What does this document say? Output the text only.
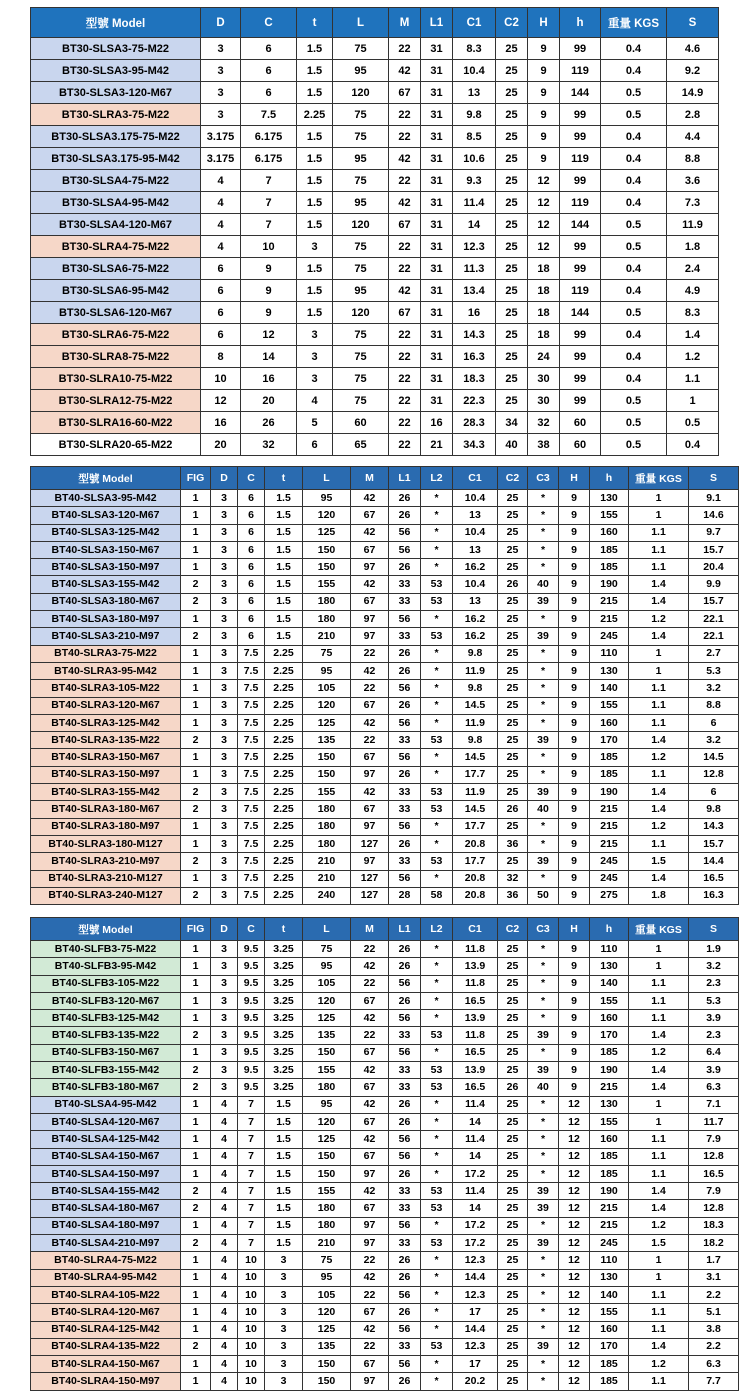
型號 Model	D	C	t	L	M	L1	C1	C2	H	h	重量 KGS	S
BT30-SLSA3-75-M22	3	6	1.5	75	22	31	8.3	25	9	99	0.4	4.6
BT30-SLSA3-95-M42	3	6	1.5	95	42	31	10.4	25	9	119	0.4	9.2
BT30-SLSA3-120-M67	3	6	1.5	120	67	31	13	25	9	144	0.5	14.9
BT30-SLRA3-75-M22	3	7.5	2.25	75	22	31	9.8	25	9	99	0.5	2.8
BT30-SLSA3.175-75-M22	3.175	6.175	1.5	75	22	31	8.5	25	9	99	0.4	4.4
BT30-SLSA3.175-95-M42	3.175	6.175	1.5	95	42	31	10.6	25	9	119	0.4	8.8
BT30-SLSA4-75-M22	4	7	1.5	75	22	31	9.3	25	12	99	0.4	3.6
BT30-SLSA4-95-M42	4	7	1.5	95	42	31	11.4	25	12	119	0.4	7.3
BT30-SLSA4-120-M67	4	7	1.5	120	67	31	14	25	12	144	0.5	11.9
BT30-SLRA4-75-M22	4	10	3	75	22	31	12.3	25	12	99	0.5	1.8
BT30-SLSA6-75-M22	6	9	1.5	75	22	31	11.3	25	18	99	0.4	2.4
BT30-SLSA6-95-M42	6	9	1.5	95	42	31	13.4	25	18	119	0.4	4.9
BT30-SLSA6-120-M67	6	9	1.5	120	67	31	16	25	18	144	0.5	8.3
BT30-SLRA6-75-M22	6	12	3	75	22	31	14.3	25	18	99	0.4	1.4
BT30-SLRA8-75-M22	8	14	3	75	22	31	16.3	25	24	99	0.4	1.2
BT30-SLRA10-75-M22	10	16	3	75	22	31	18.3	25	30	99	0.4	1.1
BT30-SLRA12-75-M22	12	20	4	75	22	31	22.3	25	30	99	0.5	1
BT30-SLRA16-60-M22	16	26	5	60	22	16	28.3	34	32	60	0.5	0.5
BT30-SLRA20-65-M22	20	32	6	65	22	21	34.3	40	38	60	0.5	0.4
型號 Model	FIG	D	C	t	L	M	L1	L2	C1	C2	C3	H	h	重量 KGS	S
BT40-SLSA3-95-M42	1	3	6	1.5	95	42	26	*	10.4	25	*	9	130	1	9.1
BT40-SLSA3-120-M67	1	3	6	1.5	120	67	26	*	13	25	*	9	155	1	14.6
BT40-SLSA3-125-M42	1	3	6	1.5	125	42	56	*	10.4	25	*	9	160	1.1	9.7
BT40-SLSA3-150-M67	1	3	6	1.5	150	67	56	*	13	25	*	9	185	1.1	15.7
BT40-SLSA3-150-M97	1	3	6	1.5	150	97	26	*	16.2	25	*	9	185	1.1	20.4
BT40-SLSA3-155-M42	2	3	6	1.5	155	42	33	53	10.4	26	40	9	190	1.4	9.9
BT40-SLSA3-180-M67	2	3	6	1.5	180	67	33	53	13	25	39	9	215	1.4	15.7
BT40-SLSA3-180-M97	1	3	6	1.5	180	97	56	*	16.2	25	*	9	215	1.2	22.1
BT40-SLSA3-210-M97	2	3	6	1.5	210	97	33	53	16.2	25	39	9	245	1.4	22.1
BT40-SLRA3-75-M22	1	3	7.5	2.25	75	22	26	*	9.8	25	*	9	110	1	2.7
BT40-SLRA3-95-M42	1	3	7.5	2.25	95	42	26	*	11.9	25	*	9	130	1	5.3
BT40-SLRA3-105-M22	1	3	7.5	2.25	105	22	56	*	9.8	25	*	9	140	1.1	3.2
BT40-SLRA3-120-M67	1	3	7.5	2.25	120	67	26	*	14.5	25	*	9	155	1.1	8.8
BT40-SLRA3-125-M42	1	3	7.5	2.25	125	42	56	*	11.9	25	*	9	160	1.1	6
BT40-SLRA3-135-M22	2	3	7.5	2.25	135	22	33	53	9.8	25	39	9	170	1.4	3.2
BT40-SLRA3-150-M67	1	3	7.5	2.25	150	67	56	*	14.5	25	*	9	185	1.2	14.5
BT40-SLRA3-150-M97	1	3	7.5	2.25	150	97	26	*	17.7	25	*	9	185	1.1	12.8
BT40-SLRA3-155-M42	2	3	7.5	2.25	155	42	33	53	11.9	25	39	9	190	1.4	6
BT40-SLRA3-180-M67	2	3	7.5	2.25	180	67	33	53	14.5	26	40	9	215	1.4	9.8
BT40-SLRA3-180-M97	1	3	7.5	2.25	180	97	56	*	17.7	25	*	9	215	1.2	14.3
BT40-SLRA3-180-M127	1	3	7.5	2.25	180	127	26	*	20.8	36	*	9	215	1.1	15.7
BT40-SLRA3-210-M97	2	3	7.5	2.25	210	97	33	53	17.7	25	39	9	245	1.5	14.4
BT40-SLRA3-210-M127	1	3	7.5	2.25	210	127	56	*	20.8	32	*	9	245	1.4	16.5
BT40-SLRA3-240-M127	2	3	7.5	2.25	240	127	28	58	20.8	36	50	9	275	1.8	16.3
型號 Model	FIG	D	C	t	L	M	L1	L2	C1	C2	C3	H	h	重量 KGS	S
BT40-SLFB3-75-M22	1	3	9.5	3.25	75	22	26	*	11.8	25	*	9	110	1	1.9
BT40-SLFB3-95-M42	1	3	9.5	3.25	95	42	26	*	13.9	25	*	9	130	1	3.2
BT40-SLFB3-105-M22	1	3	9.5	3.25	105	22	56	*	11.8	25	*	9	140	1.1	2.3
BT40-SLFB3-120-M67	1	3	9.5	3.25	120	67	26	*	16.5	25	*	9	155	1.1	5.3
BT40-SLFB3-125-M42	1	3	9.5	3.25	125	42	56	*	13.9	25	*	9	160	1.1	3.9
BT40-SLFB3-135-M22	2	3	9.5	3.25	135	22	33	53	11.8	25	39	9	170	1.4	2.3
BT40-SLFB3-150-M67	1	3	9.5	3.25	150	67	56	*	16.5	25	*	9	185	1.2	6.4
BT40-SLFB3-155-M42	2	3	9.5	3.25	155	42	33	53	13.9	25	39	9	190	1.4	3.9
BT40-SLFB3-180-M67	2	3	9.5	3.25	180	67	33	53	16.5	26	40	9	215	1.4	6.3
BT40-SLSA4-95-M42	1	4	7	1.5	95	42	26	*	11.4	25	*	12	130	1	7.1
BT40-SLSA4-120-M67	1	4	7	1.5	120	67	26	*	14	25	*	12	155	1	11.7
BT40-SLSA4-125-M42	1	4	7	1.5	125	42	56	*	11.4	25	*	12	160	1.1	7.9
BT40-SLSA4-150-M67	1	4	7	1.5	150	67	56	*	14	25	*	12	185	1.1	12.8
BT40-SLSA4-150-M97	1	4	7	1.5	150	97	26	*	17.2	25	*	12	185	1.1	16.5
BT40-SLSA4-155-M42	2	4	7	1.5	155	42	33	53	11.4	25	39	12	190	1.4	7.9
BT40-SLSA4-180-M67	2	4	7	1.5	180	67	33	53	14	25	39	12	215	1.4	12.8
BT40-SLSA4-180-M97	1	4	7	1.5	180	97	56	*	17.2	25	*	12	215	1.2	18.3
BT40-SLSA4-210-M97	2	4	7	1.5	210	97	33	53	17.2	25	39	12	245	1.5	18.2
BT40-SLRA4-75-M22	1	4	10	3	75	22	26	*	12.3	25	*	12	110	1	1.7
BT40-SLRA4-95-M42	1	4	10	3	95	42	26	*	14.4	25	*	12	130	1	3.1
BT40-SLRA4-105-M22	1	4	10	3	105	22	56	*	12.3	25	*	12	140	1.1	2.2
BT40-SLRA4-120-M67	1	4	10	3	120	67	26	*	17	25	*	12	155	1.1	5.1
BT40-SLRA4-125-M42	1	4	10	3	125	42	56	*	14.4	25	*	12	160	1.1	3.8
BT40-SLRA4-135-M22	2	4	10	3	135	22	33	53	12.3	25	39	12	170	1.4	2.2
BT40-SLRA4-150-M67	1	4	10	3	150	67	56	*	17	25	*	12	185	1.2	6.3
BT40-SLRA4-150-M97	1	4	10	3	150	97	26	*	20.2	25	*	12	185	1.1	7.7
